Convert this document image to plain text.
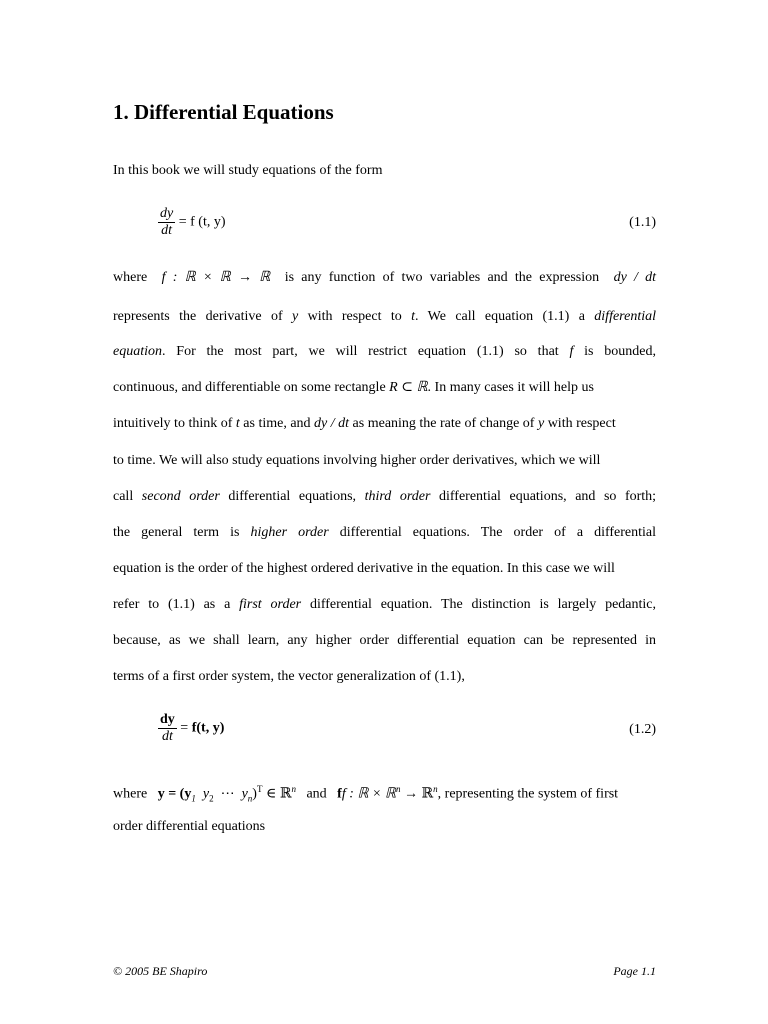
1. Differential Equations
In this book we will study equations of the form
$\frac{dy}{dt} = f$ (t, y)	(1.1)
where f : ℝ × ℝ → ℝ is any function of two variables and the expression dy / dt
represents the derivative of y with respect to t. We call equation (1.1) a differential
equation. For the most part, we will restrict equation (1.1) so that f is bounded,
continuous, and differentiable on some rectangle R ⊂ ℝ. In many cases it will help us
intuitively to think of t as time, and dy / dt as meaning the rate of change of y with respect
to time. We will also study equations involving higher order derivatives, which we will
call second order differential equations, third order differential equations, and so forth;
the general term is higher order differential equations. The order of a differential
equation is the order of the highest ordered derivative in the equation. In this case we will
refer to (1.1) as a first order differential equation. The distinction is largely pedantic,
because, as we shall learn, any higher order differential equation can be represented in
terms of a first order system, the vector generalization of (1.1),
$\frac{dy}{dt} = f(t$, y)	(1.2)
where $y = (y_1$ $y_2$ ⋯ $y_n)^T$ ∈ ℝ$^n$ and ff : ℝ × ℝ$^n$ → ℝ$^n$, representing the system of first
order differential equations
© 2005 BE Shapiro	Page 1.1
